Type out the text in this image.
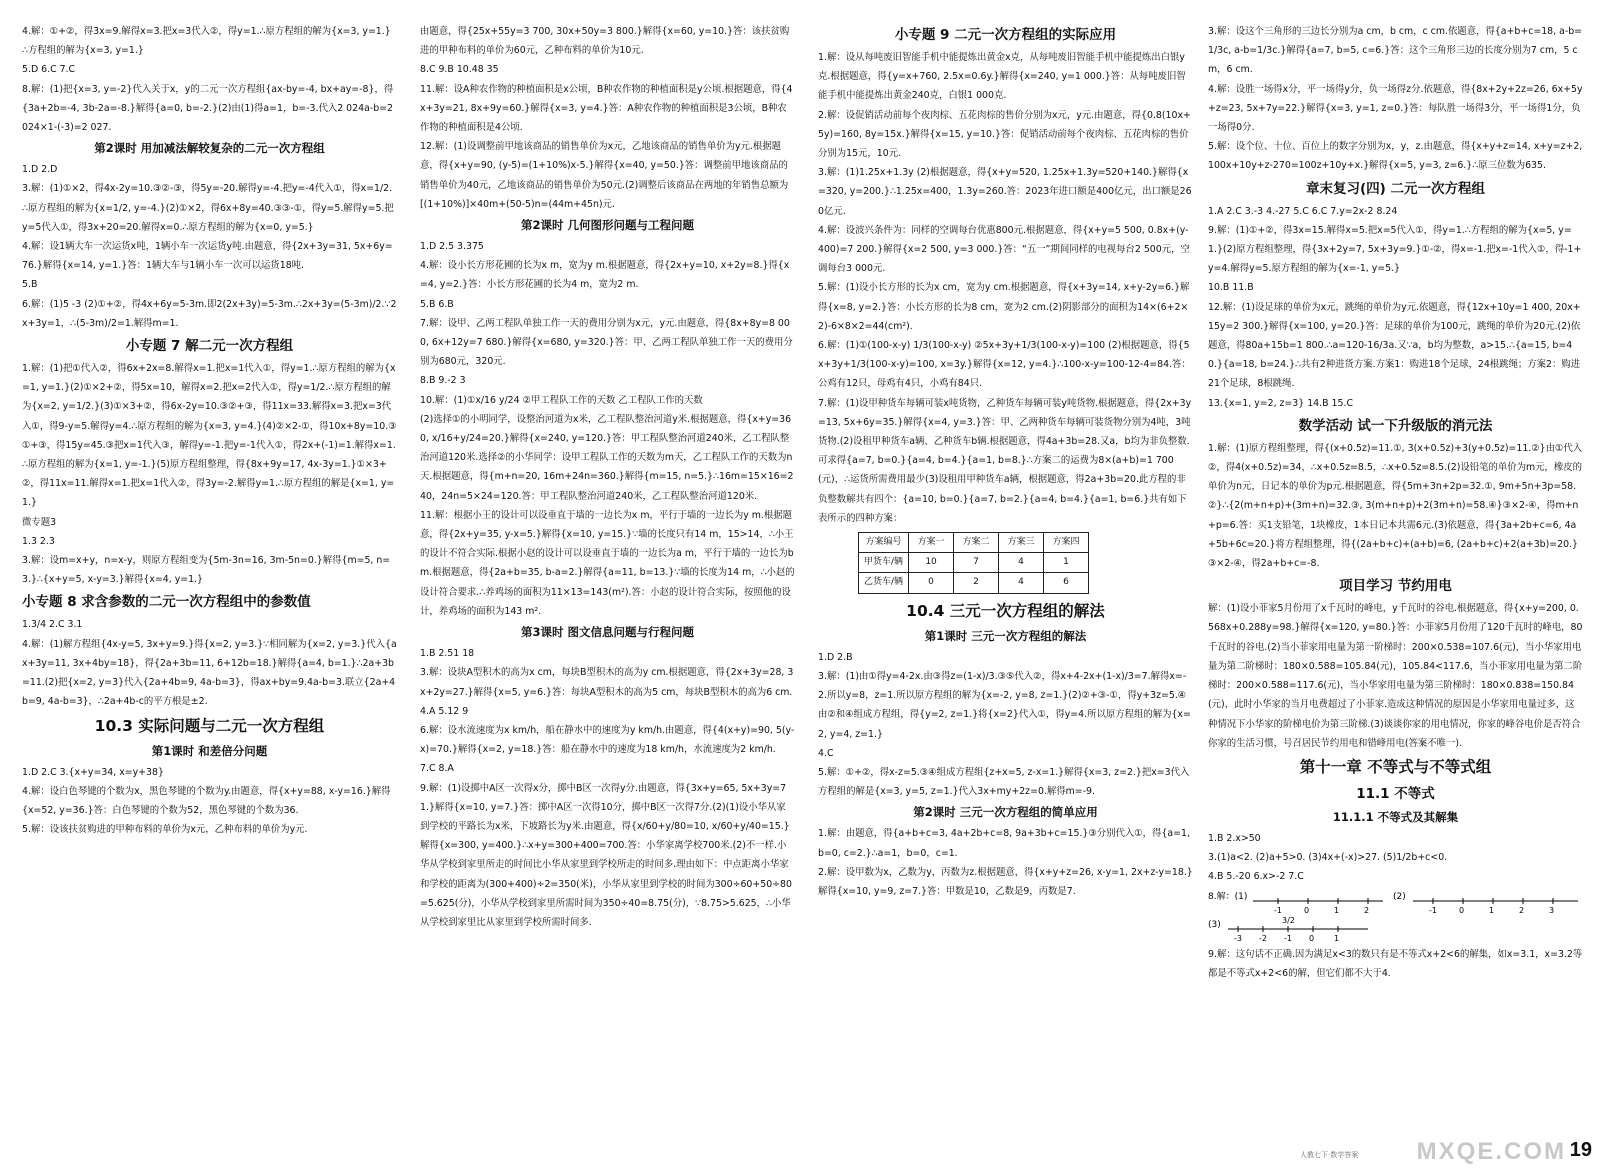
4.解：①+②，得3x=9.解得x=3.把x=3代入②，得y=1.∴原方程组的解为{x=3, y=1.}
∴方程组的解为{x=3, y=1.}
5.D 6.C 7.C
8.解：(1)把{x=3, y=-2}代入关于x，y的二元一次方程组{ax-by=-4, bx+ay=-8}，得{3a+2b=-4, 3b-2a=-8.}解得{a=0, b=-2.}(2)由(1)得a=1，b=-3.代入2 024a-b=2 024×1-(-3)=2 027.
第2课时 用加减法解较复杂的二元一次方程组
1.D 2.D
3.解：(1)①×2，得4x-2y=10.③②-③，得5y=-20.解得y=-4.把y=-4代入①，得x=1/2.∴原方程组的解为{x=1/2, y=-4.}(2)①×2，得6x+8y=40.③③-①，得y=5.解得y=5.把y=5代入①，得3x+20=20.解得x=0.∴原方程组的解为{x=0, y=5.}
4.解：设1辆大车一次运货x吨，1辆小车一次运货y吨.由题意，得{2x+3y=31, 5x+6y=76.}解得{x=14, y=1.}答：1辆大车与1辆小车一次可以运货18吨.
5.B
6.解：(1)5 -3 (2)①+②，得4x+6y=5-3m.即2(2x+3y)=5-3m.∴2x+3y=(5-3m)/2.∵2x+3y=1，∴(5-3m)/2=1.解得m=1.
小专题 7 解二元一次方程组
1.解：(1)把①代入②，得6x+2x=8.解得x=1.把x=1代入①，得y=1.∴原方程组的解为{x=1, y=1.}(2)①×2+②，得5x=10，解得x=2.把x=2代入①，得y=1/2.∴原方程组的解为{x=2, y=1/2.}(3)①×3+②，得6x-2y=10.③②+③，得11x=33.解得x=3.把x=3代入①，得9-y=5.解得y=4.∴原方程组的解为{x=3, y=4.}(4)②×2-①，得10x+8y=10.③①+③，得15y=45.③把x=1代入③，解得y=-1.把y=-1代入①，得2x+(-1)=1.解得x=1.∴原方程组的解为{x=1, y=-1.}(5)原方程组整理，得{8x+9y=17, 4x-3y=1.}①×3+②，得11x=11.解得x=1.把x=1代入②，得3y=-2.解得y=1.∴原方程组的解是{x=1, y=1.}
微专题3
1.3 2.3
3.解：设m=x+y，n=x-y，则原方程组变为{5m-3n=16, 3m-5n=0.}解得{m=5, n=3.}∴{x+y=5, x-y=3.}解得{x=4, y=1.}
小专题 8 求含参数的二元一次方程组中的参数值
1.3/4 2.C 3.1
4.解：(1)解方程组{4x-y=5, 3x+y=9.}得{x=2, y=3.}∵相同解为{x=2, y=3.}代入{ax+3y=11, 3x+4by=18}，得{2a+3b=11, 6+12b=18.}解得{a=4, b=1.}∴2a+3b=11.(2)把{x=2, y=3}代入{2a+4b=9, 4a-b=3}，得ax+by=9.4a-b=3.联立{2a+4b=9, 4a-b=3}，∴2a+4b-c的平方根是±2.
10.3 实际问题与二元一次方程组
第1课时 和差倍分问题
1.D 2.C 3.{x+y=34, x=y+38}
4.解：设白色琴键的个数为x，黑色琴键的个数为y.由题意，得{x+y=88, x-y=16.}解得{x=52, y=36.}答：白色琴键的个数为52，黑色琴键的个数为36.
5.解：设该扶贫购进的甲种布料的单价为x元，乙种布料的单价为y元.
由题意，得{25x+55y=3 700, 30x+50y=3 800.}解得{x=60, y=10.}答：该扶贫购进的甲种布料的单价为60元，乙种布料的单价为10元.
8.C 9.B 10.48 35
11.解：设A种农作物的种植面积是x公顷，B种农作物的种植面积是y公顷.根据题意，得{4x+3y=21, 8x+9y=60.}解得{x=3, y=4.}答：A种农作物的种植面积是3公顷，B种农作物的种植面积是4公顷.
12.解：(1)设调整前甲地该商品的销售单价为x元，乙地该商品的销售单价为y元.根据题意，得{x+y=90, (y-5)=(1+10%)x-5.}解得{x=40, y=50.}答：调整前甲地该商品的销售单价为40元，乙地该商品的销售单价为50元.(2)调整后该商品在两地的年销售总额为[(1+10%)]×40m+(50-5)n=(44m+45n)元.
第2课时 几何图形问题与工程问题
1.D 2.5 3.375
4.解：设小长方形花圃的长为x m，宽为y m.根据题意，得{2x+y=10, x+2y=8.}得{x=4, y=2.}答：小长方形花圃的长为4 m，宽为2 m.
5.B 6.B
7.解：设甲、乙两工程队单独工作一天的费用分别为x元，y元.由题意，得{8x+8y=8 000, 6x+12y=7 680.}解得{x=680, y=320.}答：甲、乙两工程队单独工作一天的费用分别为680元，320元.
8.B 9.-2 3
10.解：(1)①x/16 y/24 ②甲工程队工作的天数 乙工程队工作的天数
(2)选择①的小明同学，设整治河道为x米，乙工程队整治河道y米.根据题意，得{x+y=360, x/16+y/24=20.}解得{x=240, y=120.}答：甲工程队整治河道240米，乙工程队整治河道120米.选择②的小华同学：设甲工程队工作的天数为m天，乙工程队工作的天数为n天.根据题意，得{m+n=20, 16m+24n=360.}解得{m=15, n=5.}∴16m=15×16=240，24n=5×24=120.答：甲工程队整治河道240米，乙工程队整治河道120米.
11.解：根据小王的设计可以设垂直于墙的一边长为x m，平行于墙的一边长为y m.根据题意，得{2x+y=35, y-x=5.}解得{x=10, y=15.}∵墙的长度只有14 m，15>14，∴小王的设计不符合实际.根据小赵的设计可以设垂直于墙的一边长为a m，平行于墙的一边长为b m.根据题意，得{2a+b=35, b-a=2.}解得{a=11, b=13.}∵墙的长度为14 m，∴小赵的设计符合要求.∴养鸡场的面积为11×13=143(m²).答：小赵的设计符合实际，按照他的设计，养鸡场的面积为143 m².
第3课时 图文信息问题与行程问题
1.B 2.51 18
3.解：设块A型积木的高为x cm，每块B型积木的高为y cm.根据题意，得{2x+3y=28, 3x+2y=27.}解得{x=5, y=6.}答：每块A型积木的高为5 cm，每块B型积木的高为6 cm.
4.A 5.12 9
6.解：设水流速度为x km/h，船在静水中的速度为y km/h.由题意，得{4(x+y)=90, 5(y-x)=70.}解得{x=2, y=18.}答：船在静水中的速度为18 km/h，水流速度为2 km/h.
7.C 8.A
9.解：(1)设掷中A区一次得x分，掷中B区一次得y分.由题意，得{3x+y=65, 5x+3y=71.}解得{x=10, y=7.}答：掷中A区一次得10分，掷中B区一次得7分.(2)(1)设小华从家到学校的平路长为x米，下坡路长为y米.由题意，得{x/60+y/80=10, x/60+y/40=15.}解得{x=300, y=400.}∴x+y=300+400=700.答：小华家离学校700米.(2)不一样.小华从学校到家里所走的时间比小华从家里到学校所走的时间多.理由如下：中点距离小华家和学校的距离为(300+400)÷2=350(米)，小华从家里到学校的时间为300÷60+50÷80=5.625(分)，小华从学校到家里所需时间为350÷40=8.75(分)，∵8.75>5.625，∴小华从学校到家里比从家里到学校所需时间多.
小专题 9 二元一次方程组的实际应用
1.解：设从每吨废旧智能手机中能提炼出黄金x克，从每吨废旧智能手机中能提炼出白银y克.根据题意，得{y=x+760, 2.5x=0.6y.}解得{x=240, y=1 000.}答：从每吨废旧智能手机中能提炼出黄金240克，白银1 000克.
2.解：设促销活动前每个夜肉棕、五花肉棕的售价分别为x元，y元.由题意，得{0.8(10x+5y)=160, 8y=15x.}解得{x=15, y=10.}答：促销活动前每个夜肉棕、五花肉棕的售价分别为15元，10元.
3.解：(1)1.25x+1.3y (2)根据题意，得{x+y=520, 1.25x+1.3y=520+140.}解得{x=320, y=200.}∴1.25x=400，1.3y=260.答：2023年进口额是400亿元，出口额是260亿元.
4.解：设波兴条件为：同样的空调每台优惠800元.根据题意，得{x+y=5 500, 0.8x+(y-400)=7 200.}解得{x=2 500, y=3 000.}答：“五一”期间同样的电视每台2 500元，空调每台3 000元.
5.解：(1)设小长方形的长为x cm，宽为y cm.根据题意，得{x+3y=14, x+y-2y=6.}解得{x=8, y=2.}答：小长方形的长为8 cm，宽为2 cm.(2)阴影部分的面积为14×(6+2×2)-6×8×2=44(cm²).
6.解：(1)①(100-x-y) 1/3(100-x-y) ②5x+3y+1/3(100-x-y)=100 (2)根据题意，得{5x+3y+1/3(100-x-y)=100, x=3y.}解得{x=12, y=4.}∴100-x-y=100-12-4=84.答：公鸡有12只，母鸡有4只，小鸡有84只.
7.解：(1)设甲种货车每辆可装x吨货物，乙种货车每辆可装y吨货物.根据题意，得{2x+3y=13, 5x+6y=35.}解得{x=4, y=3.}答：甲、乙两种货车每辆可装货物分别为4吨，3吨货物.(2)设租甲种货车a辆、乙种货车b辆.根据题意，得4a+3b=28.又a，b均为非负整数.可求得{a=7, b=0.}{a=4, b=4.}{a=1, b=8.}∴方案二的运费为8×(a+b)=1 700(元)，∴运货所需费用最少(3)设租用甲种货车a辆，根据题意，得2a+3b=20.此方程的非负整数解共有四个：{a=10, b=0.}{a=7, b=2.}{a=4, b=4.}{a=1, b=6.}共有如下表所示的四种方案：
方案编号	方案一	方案二	方案三	方案四
甲货车/辆	10	7	4	1
乙货车/辆	0	2	4	6
10.4 三元一次方程组的解法
第1课时 三元一次方程组的解法
1.D 2.B
3.解：(1)由①得y=4-2x.由③得z=(1-x)/3.③⑤代入②，得x+4-2x+(1-x)/3=7.解得x=-2.所以y=8，z=1.所以原方程组的解为{x=-2, y=8, z=1.}(2)②+③-①，得y+3z=5.④由②和④组成方程组，得{y=2, z=1.}将{x=2}代入①，得y=4.所以原方程组的解为{x=2, y=4, z=1.}
4.C
5.解：①+②，得x-z=5.③④组成方程组{z+x=5, z-x=1.}解得{x=3, z=2.}把x=3代入方程组的解是{x=3, y=5, z=1.}代入3x+my+2z=0.解得m=-9.
第2课时 三元一次方程组的简单应用
1.解：由题意，得{a+b+c=3, 4a+2b+c=8, 9a+3b+c=15.}③分别代入①，得{a=1, b=0, c=2.}∴a=1，b=0，c=1.
2.解：设甲数为x，乙数为y，丙数为z.根据题意，得{x+y+z=26, x-y=1, 2x+z-y=18.}解得{x=10, y=9, z=7.}答：甲数是10，乙数是9，丙数是7.
3.解：设这个三角形的三边长分别为a cm，b cm，c cm.依题意，得{a+b+c=18, a-b=1/3c, a-b=1/3c.}解得{a=7, b=5, c=6.}答：这个三角形三边的长度分别为7 cm，5 cm，6 cm.
4.解：设胜一场得x分，平一场得y分，负一场得z分.依题意，得{8x+2y+2z=26, 6x+5y+z=23, 5x+7y=22.}解得{x=3, y=1, z=0.}答：每队胜一场得3分，平一场得1分，负一场得0分.
5.解：设个位、十位、百位上的数字分别为x，y，z.由题意，得{x+y+z=14, x+y=z+2, 100x+10y+z-270=100z+10y+x.}解得{x=5, y=3, z=6.}∴原三位数为635.
章末复习(四) 二元一次方程组
1.A 2.C 3.-3 4.-27 5.C 6.C 7.y=2x-2 8.24
9.解：(1)①+②，得3x=15.解得x=5.把x=5代入①，得y=1.∴方程组的解为{x=5, y=1.}(2)原方程组整理，得{3x+2y=7, 5x+3y=9.}①-②，得x=-1.把x=-1代入①，得-1+y=4.解得y=5.原方程组的解为{x=-1, y=5.}
10.B 11.B
12.解：(1)设足球的单价为x元，跳绳的单价为y元.依题意，得{12x+10y=1 400, 20x+15y=2 300.}解得{x=100, y=20.}答：足球的单价为100元，跳绳的单价为20元.(2)依题意，得80a+15b=1 800.∴a=120-16/3a.又∵a，b均为整数，a>15.∴{a=15, b=40.}{a=18, b=24.}∴共有2种进货方案.方案1：购进18个足球，24根跳绳；方案2：购进21个足球，8根跳绳.
13.{x=1, y=2, z=3} 14.B 15.C
数学活动 试一下升级版的消元法
1.解：(1)原方程组整理，得{(x+0.5z)=11.①, 3(x+0.5z)+3(y+0.5z)=11.②}由①代入②，得4(x+0.5z)=34，∴x+0.5z=8.5，∴x+0.5z=8.5.(2)设铅笔的单价为m元，橡皮的单价为n元，日记本的单价为p元.根据题意，得{5m+3n+2p=32.①, 9m+5n+3p=58.②}∴{2(m+n+p)+(3m+n)=32.③, 3(m+n+p)+2(3m+n)=58.④}③×2-④，得m+n+p=6.答：买1支铅笔，1块橡皮，1本日记本共需6元.(3)依题意，得{3a+2b+c=6, 4a+5b+6c=20.}将方程组整理，得{(2a+b+c)+(a+b)=6, (2a+b+c)+2(a+3b)=20.}③×2-④，得2a+b+c=-8.
项目学习 节约用电
解：(1)设小菲家5月份用了x千瓦时的峰电，y千瓦时的谷电.根据题意，得{x+y=200, 0.568x+0.288y=98.}解得{x=120, y=80.}答：小菲家5月份用了120千瓦时的峰电，80千瓦时的谷电.(2)当小菲家用电量为第一阶梯时：200×0.538=107.6(元)，当小华家用电量为第二阶梯时：180×0.588=105.84(元)，105.84<117.6，当小菲家用电量为第二阶梯时：200×0.588=117.6(元)，当小华家用电量为第三阶梯时：180×0.838=150.84(元)，此时小华家的当月电费超过了小菲家.造成这种情况的原因是小华家用电量过多，这种情况下小华家的阶梯电价为第三阶梯.(3)谈谈你家的用电情况，你家的峰谷电价是否符合你家的生活习惯，号召居民节约用电和错峰用电(答案不唯一).
第十一章 不等式与不等式组
11.1 不等式
11.1.1 不等式及其解集
1.B 2.x>50
3.(1)a<2. (2)a+5>0. (3)4x+(-x)>27. (5)1/2b+c<0.
4.B 5.-20 6.x>-2 7.C
8.解：(1)
-1	0	1	2
(2)
-1	0	1	2	3
(3)
-3 -2 -1 0 1
3/2
9.解：这句话不正确.因为满足x<3的数只有是不等式x+2<6的解集，如x=3.1，x=3.2等都是不等式x+2<6的解，但它们都不大于4.
人教七下·数学答案 MXQE.COM 19
